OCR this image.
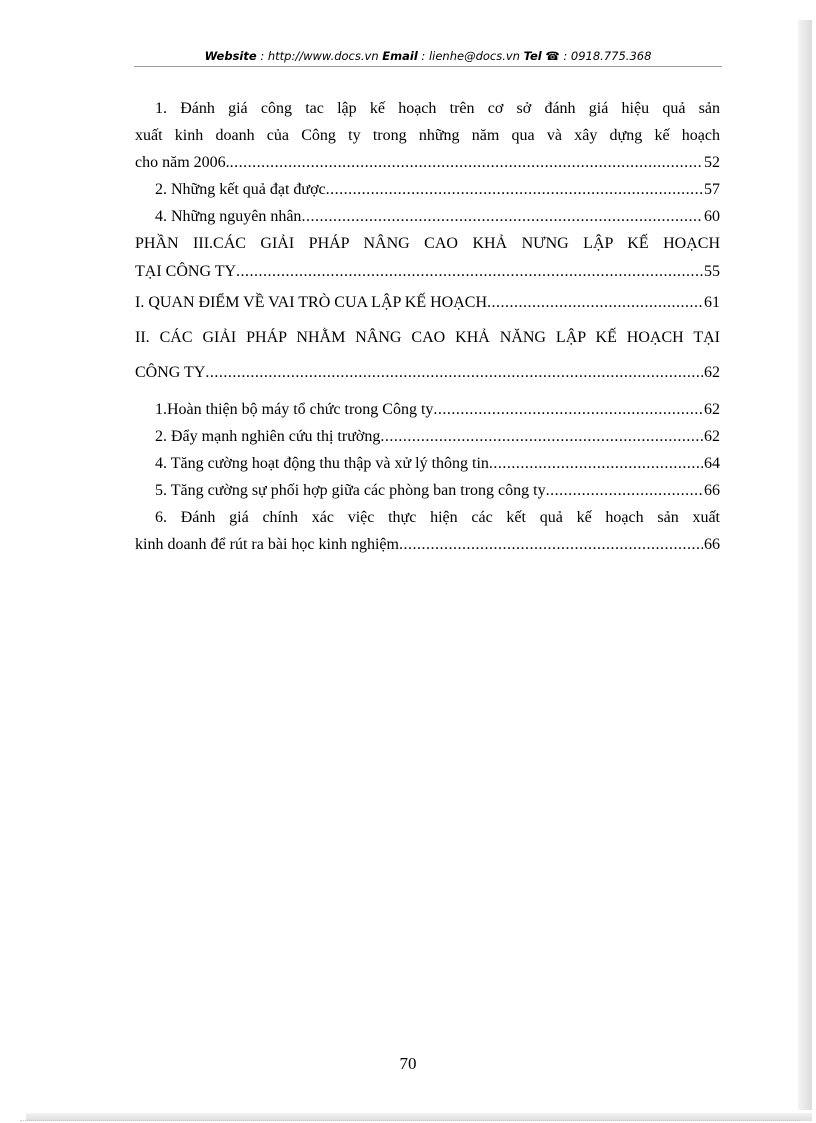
Website : http://www.docs.vn Email : lienhe@docs.vn Tel ☎ : 0918.775.368
1. Đánh giá công tac lập kế hoạch trên cơ sở đánh giá hiệu quả sản
xuất kinh doanh của Công ty trong những năm qua và xây dựng kế hoạch
cho năm 2006. .....	52
2. Những kết quả đạt được .....	57
4. Những nguyên nhân .....	60
PHẦN III.CÁC GIẢI PHÁP NÂNG CAO KHẢ NƯNG LẬP KẾ HOẠCH
TẠI CÔNG TY .....	55
I. QUAN ĐIỂM VỀ VAI TRÒ CUA LẬP KẾ HOẠCH .....	61
II. CÁC GIẢI PHÁP NHẰM NÂNG CAO KHẢ NĂNG LẬP KẾ HOẠCH TẠI
CÔNG TY .....	62
1.Hoàn thiện bộ máy tổ chức trong Công ty .....	62
2. Đẩy mạnh nghiên cứu thị trường .....	62
4. Tăng cường hoạt động thu thập và xử lý thông tin .....	64
5. Tăng cường sự phối hợp giữa các phòng ban trong công ty .....	66
6. Đánh giá chính xác việc thực hiện các kết quả kế hoạch sản xuất
kinh doanh để rút ra bài học kinh nghiệm .....	66
70
